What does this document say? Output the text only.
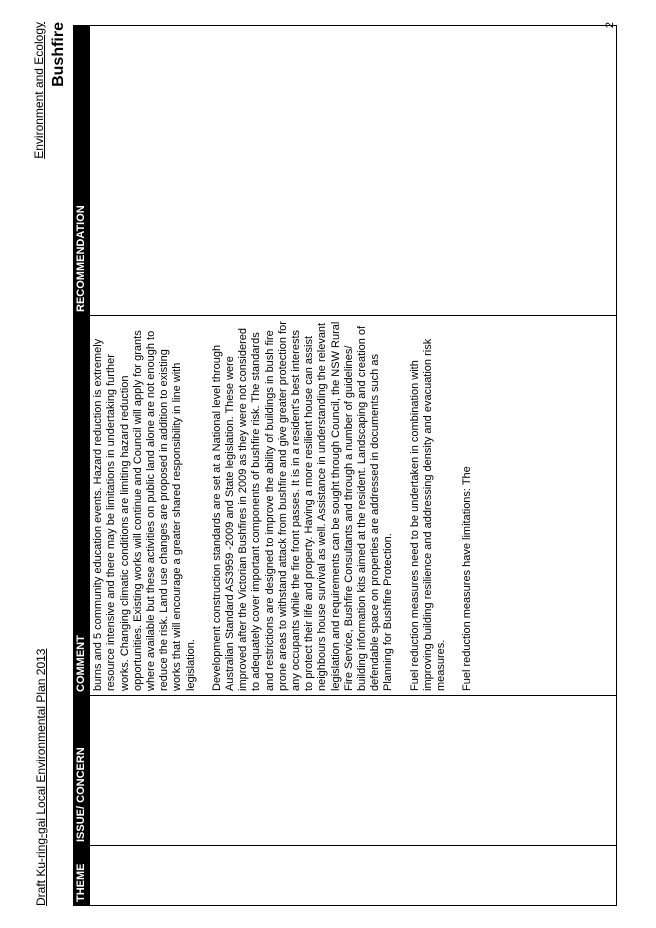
Draft Ku-ring-gai Local Environmental Plan 2013
Environment and Ecology Bushfire
THEME	ISSUE/ CONCERN	COMMENT	RECOMMENDATION

		burns and 5 community education events. Hazard reduction is extremely resource intensive and there may be limitations in undertaking further works. Changing climatic conditions are limiting hazard reduction opportunities. Existing works will continue and Council will apply for grants where available but these activities on public land alone are not enough to reduce the risk. Land use changes are proposed in addition to existing works that will encourage a greater shared responsibility in line with legislation. Development construction standards are set at a National level through Australian Standard AS3959 -2009 and State legislation. These were improved after the Victorian Bushfires in 2009 as they were not considered to adequately cover important components of bushfire risk. The standards and restrictions are designed to improve the ability of buildings in bush fire prone areas to withstand attack from bushfire and give greater protection for any occupants while the fire front passes. It is in a resident's best interests to protect their life and property. Having a more resilient house can assist neighbours house survival as well. Assistance in understanding the relevant legislation and requirements can be sought through Council, the NSW Rural Fire Service, Bushfire Consultants and through a number of guidelines/ building information kits aimed at the resident. Landscaping and creation of defendable space on properties are addressed in documents such as Planning for Bushfire Protection. Fuel reduction measures need to be undertaken in combination with improving building resilience and addressing density and evacuation risk measures. Fuel reduction measures have limitations: The	

2
